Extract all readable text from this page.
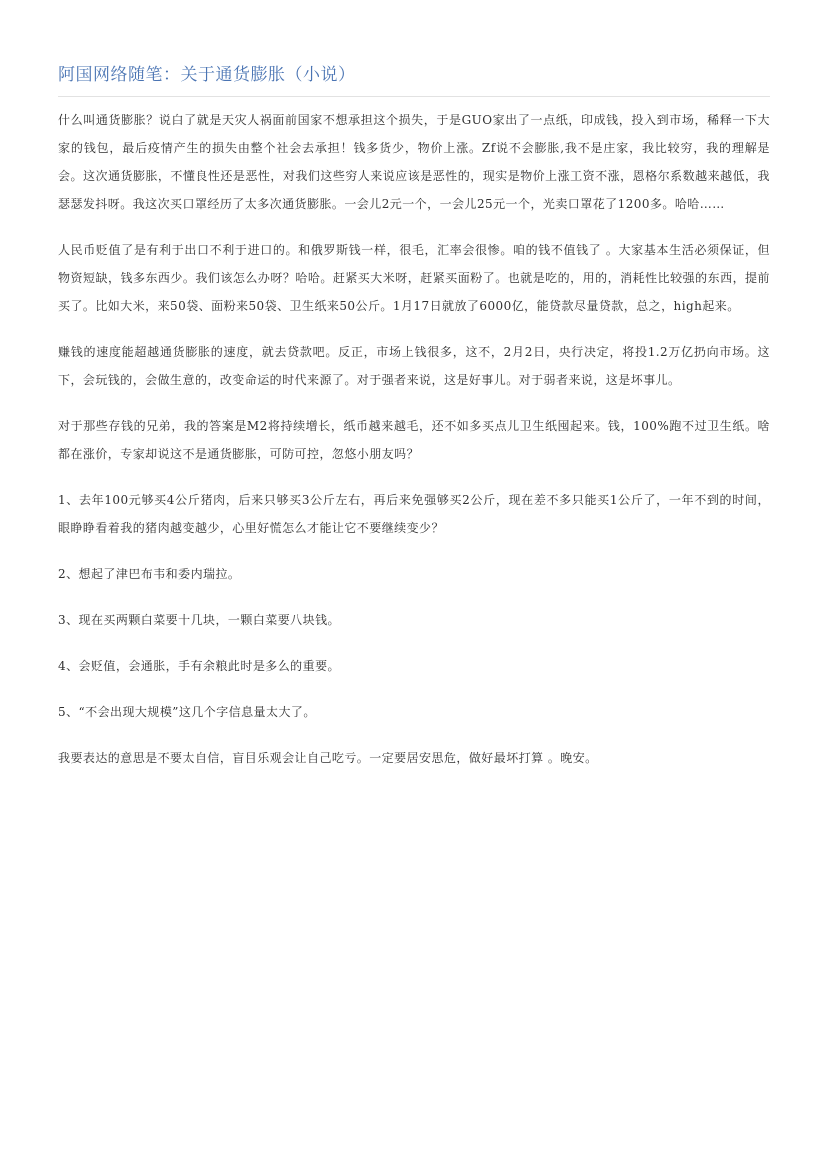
阿国网络随笔：关于通货膨胀（小说）

什么叫通货膨胀？说白了就是天灾人祸面前国家不想承担这个损失，于是GUO家出了一点纸，印成钱，投入到市场，稀释一下大家的钱包，最后疫情产生的损失由整个社会去承担！钱多货少，物价上涨。Zf说不会膨胀,我不是庄家，我比较穷，我的理解是会。这次通货膨胀，不懂良性还是恶性，对我们这些穷人来说应该是恶性的，现实是物价上涨工资不涨，恩格尔系数越来越低，我瑟瑟发抖呀。我这次买口罩经历了太多次通货膨胀。一会儿2元一个，一会儿25元一个，光卖口罩花了1200多。哈哈……

人民币贬值了是有利于出口不利于进口的。和俄罗斯钱一样，很毛，汇率会很惨。咱的钱不值钱了 。大家基本生活必须保证，但物资短缺，钱多东西少。我们该怎么办呀？哈哈。赶紧买大米呀，赶紧买面粉了。也就是吃的，用的，消耗性比较强的东西，提前买了。比如大米，来50袋、面粉来50袋、卫生纸来50公斤。1月17日就放了6000亿，能贷款尽量贷款，总之，high起来。

赚钱的速度能超越通货膨胀的速度，就去贷款吧。反正，市场上钱很多，这不，2月2日，央行决定，将投1.2万亿扔向市场。这下，会玩钱的，会做生意的，改变命运的时代来源了。对于强者来说，这是好事儿。对于弱者来说，这是坏事儿。

对于那些存钱的兄弟，我的答案是M2将持续增长，纸币越来越毛，还不如多买点儿卫生纸囤起来。钱，100%跑不过卫生纸。啥都在涨价，专家却说这不是通货膨胀，可防可控，忽悠小朋友吗？

1、去年100元够买4公斤猪肉，后来只够买3公斤左右，再后来免强够买2公斤，现在差不多只能买1公斤了，一年不到的时间，眼睁睁看着我的猪肉越变越少，心里好慌怎么才能让它不要继续变少？

2、想起了津巴布韦和委内瑞拉。

3、现在买两颗白菜要十几块，一颗白菜要八块钱。

4、会贬值，会通胀，手有余粮此时是多么的重要。

5、“不会出现大规模”这几个字信息量太大了。

我要表达的意思是不要太自信，盲目乐观会让自己吃亏。一定要居安思危，做好最坏打算 。晚安。
